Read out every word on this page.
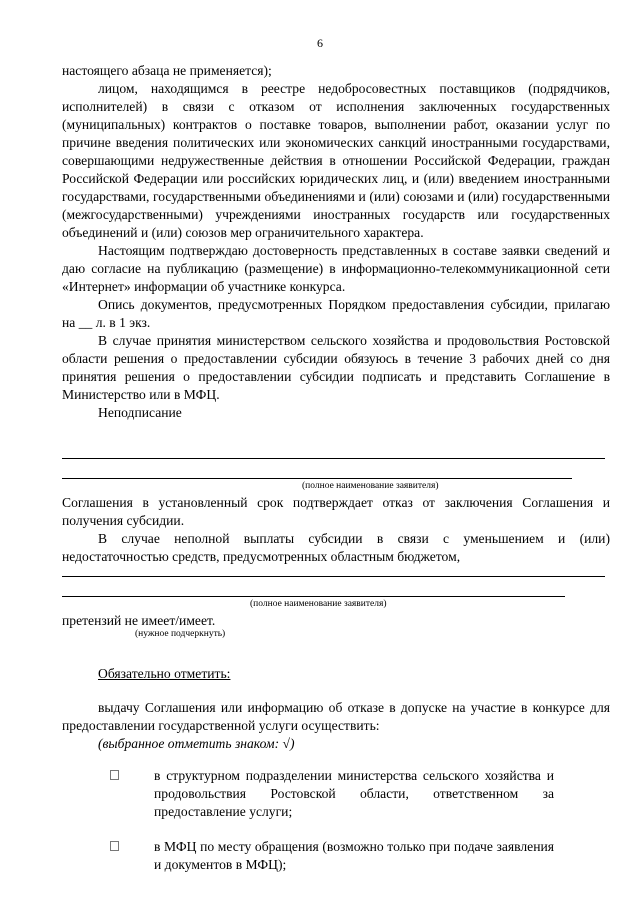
6

настоящего абзаца не применяется);

лицом, находящимся в реестре недобросовестных поставщиков (подрядчиков, исполнителей) в связи с отказом от исполнения заключенных государственных (муниципальных) контрактов о поставке товаров, выполнении работ, оказании услуг по причине введения политических или экономических санкций иностранными государствами, совершающими недружественные действия в отношении Российской Федерации, граждан Российской Федерации или российских юридических лиц, и (или) введением иностранными государствами, государственными объединениями и (или) союзами и (или) государственными (межгосударственными) учреждениями иностранных государств или государственных объединений и (или) союзов мер ограничительного характера.

Настоящим подтверждаю достоверность представленных в составе заявки сведений и даю согласие на публикацию (размещение) в информационно-телекоммуникационной сети «Интернет» информации об участнике конкурса.

Опись документов, предусмотренных Порядком предоставления субсидии, прилагаю на __ л. в 1 экз.

В случае принятия министерством сельского хозяйства и продовольствия Ростовской области решения о предоставлении субсидии обязуюсь в течение 3 рабочих дней со дня принятия решения о предоставлении субсидии подписать и представить Соглашение в Министерство или в МФЦ.

Неподписание

(полное наименование заявителя)

Соглашения в установленный срок подтверждает отказ от заключения Соглашения и получения субсидии.

В случае неполной выплаты субсидии в связи с уменьшением и (или) недостаточностью средств, предусмотренных областным бюджетом,

(полное наименование заявителя)

претензий не имеет/имеет.

(нужное подчеркнуть)

Обязательно отметить:

выдачу Соглашения или информацию об отказе в допуске на участие в конкурсе для предоставлении государственной услуги осуществить:

(выбранное отметить знаком: √)

в структурном подразделении министерства сельского хозяйства и продовольствия Ростовской области, ответственном за предоставление услуги;

в МФЦ по месту обращения (возможно только при подаче заявления и документов в МФЦ);
